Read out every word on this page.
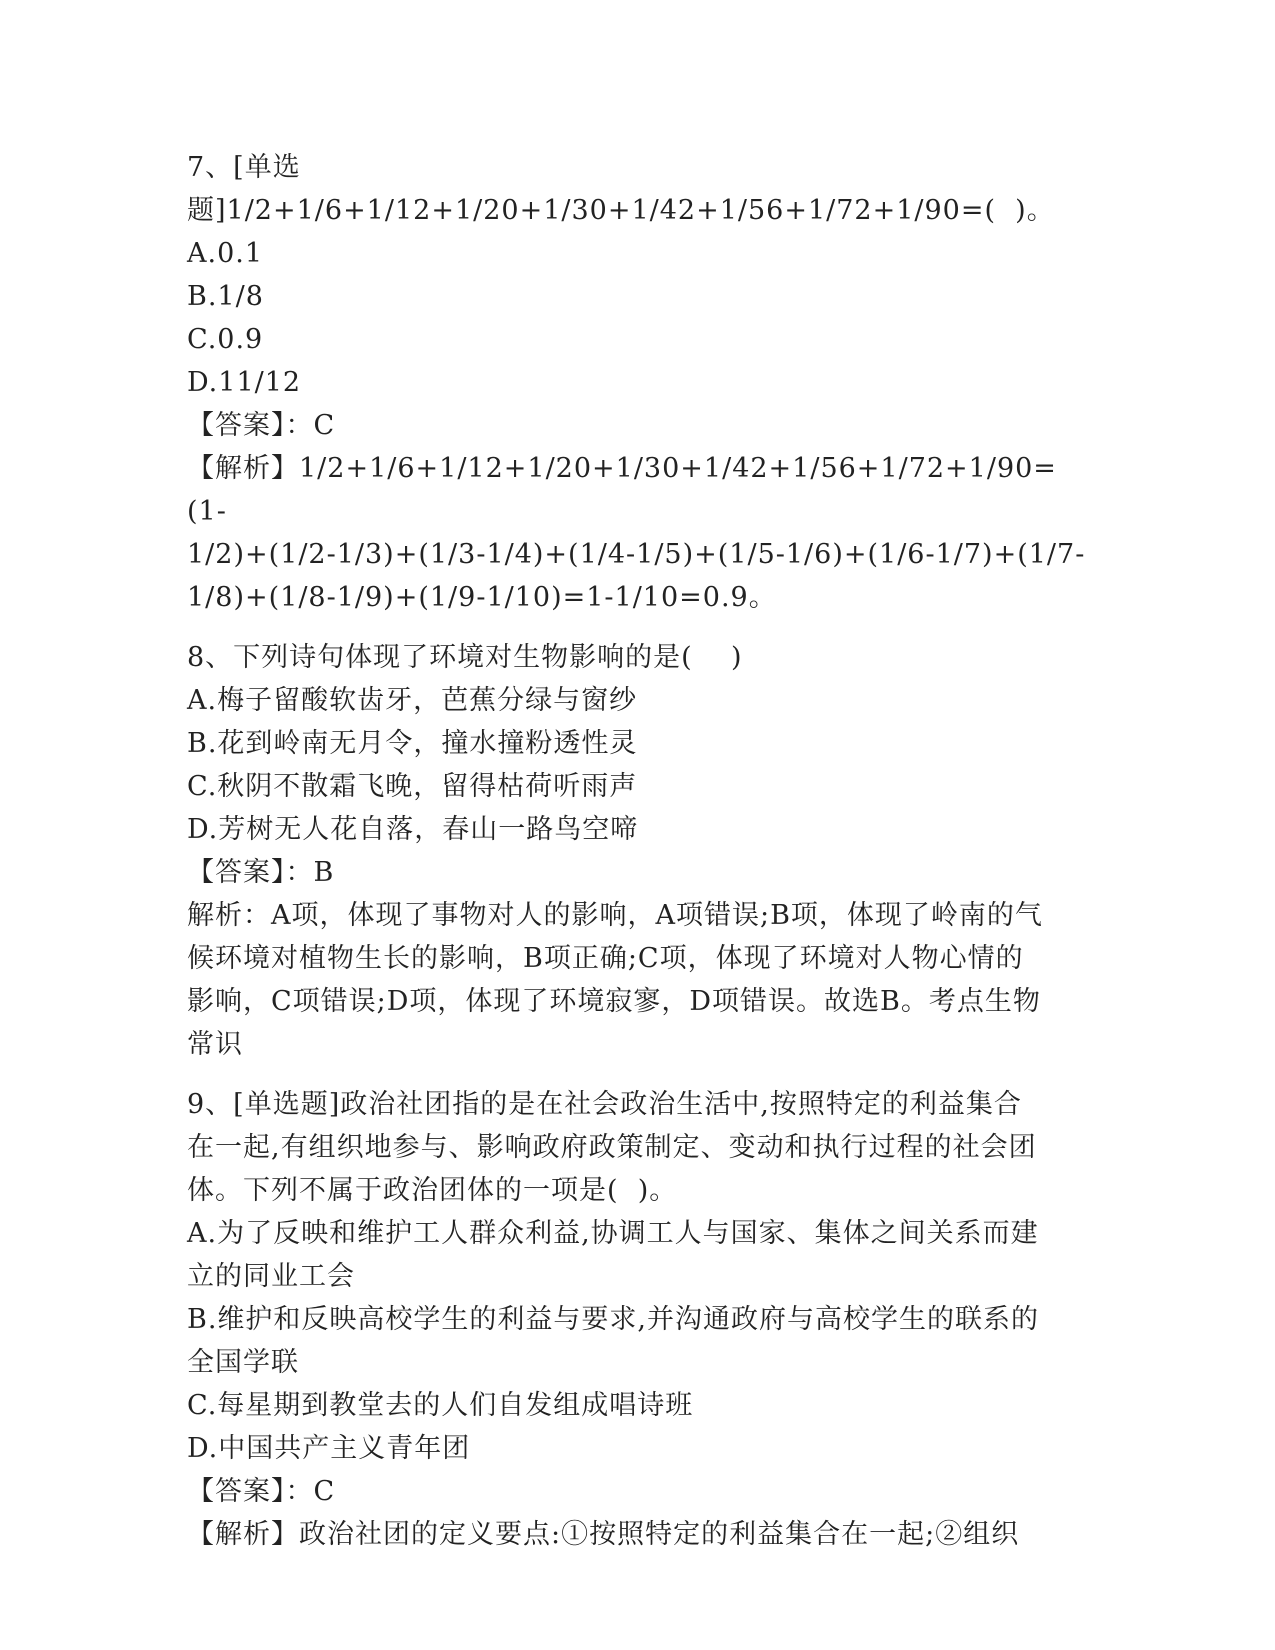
7、[单选题]1/2+1/6+1/12+1/20+1/30+1/42+1/56+1/72+1/90=(  )。
A.0.1
B.1/8
C.0.9
D.11/12
【答案】：C
【解析】1/2+1/6+1/12+1/20+1/30+1/42+1/56+1/72+1/90=(1-
1/2)+(1/2-1/3)+(1/3-1/4)+(1/4-1/5)+(1/5-1/6)+(1/6-1/7)+(1/7-
1/8)+(1/8-1/9)+(1/9-1/10)=1-1/10=0.9。
8、下列诗句体现了环境对生物影响的是(    )
A.梅子留酸软齿牙，芭蕉分绿与窗纱
B.花到岭南无月令，撞水撞粉透性灵
C.秋阴不散霜飞晚，留得枯荷听雨声
D.芳树无人花自落，春山一路鸟空啼
【答案】：B
解析：A项，体现了事物对人的影响，A项错误;B项，体现了岭南的气
候环境对植物生长的影响，B项正确;C项，体现了环境对人物心情的
影响，C项错误;D项，体现了环境寂寥，D项错误。故选B。考点生物
常识
9、[单选题]政治社团指的是在社会政治生活中,按照特定的利益集合
在一起,有组织地参与、影响政府政策制定、变动和执行过程的社会团
体。下列不属于政治团体的一项是(  )。
A.为了反映和维护工人群众利益,协调工人与国家、集体之间关系而建
立的同业工会
B.维护和反映高校学生的利益与要求,并沟通政府与高校学生的联系的
全国学联
C.每星期到教堂去的人们自发组成唱诗班
D.中国共产主义青年团
【答案】：C
【解析】政治社团的定义要点:①按照特定的利益集合在一起;②组织
